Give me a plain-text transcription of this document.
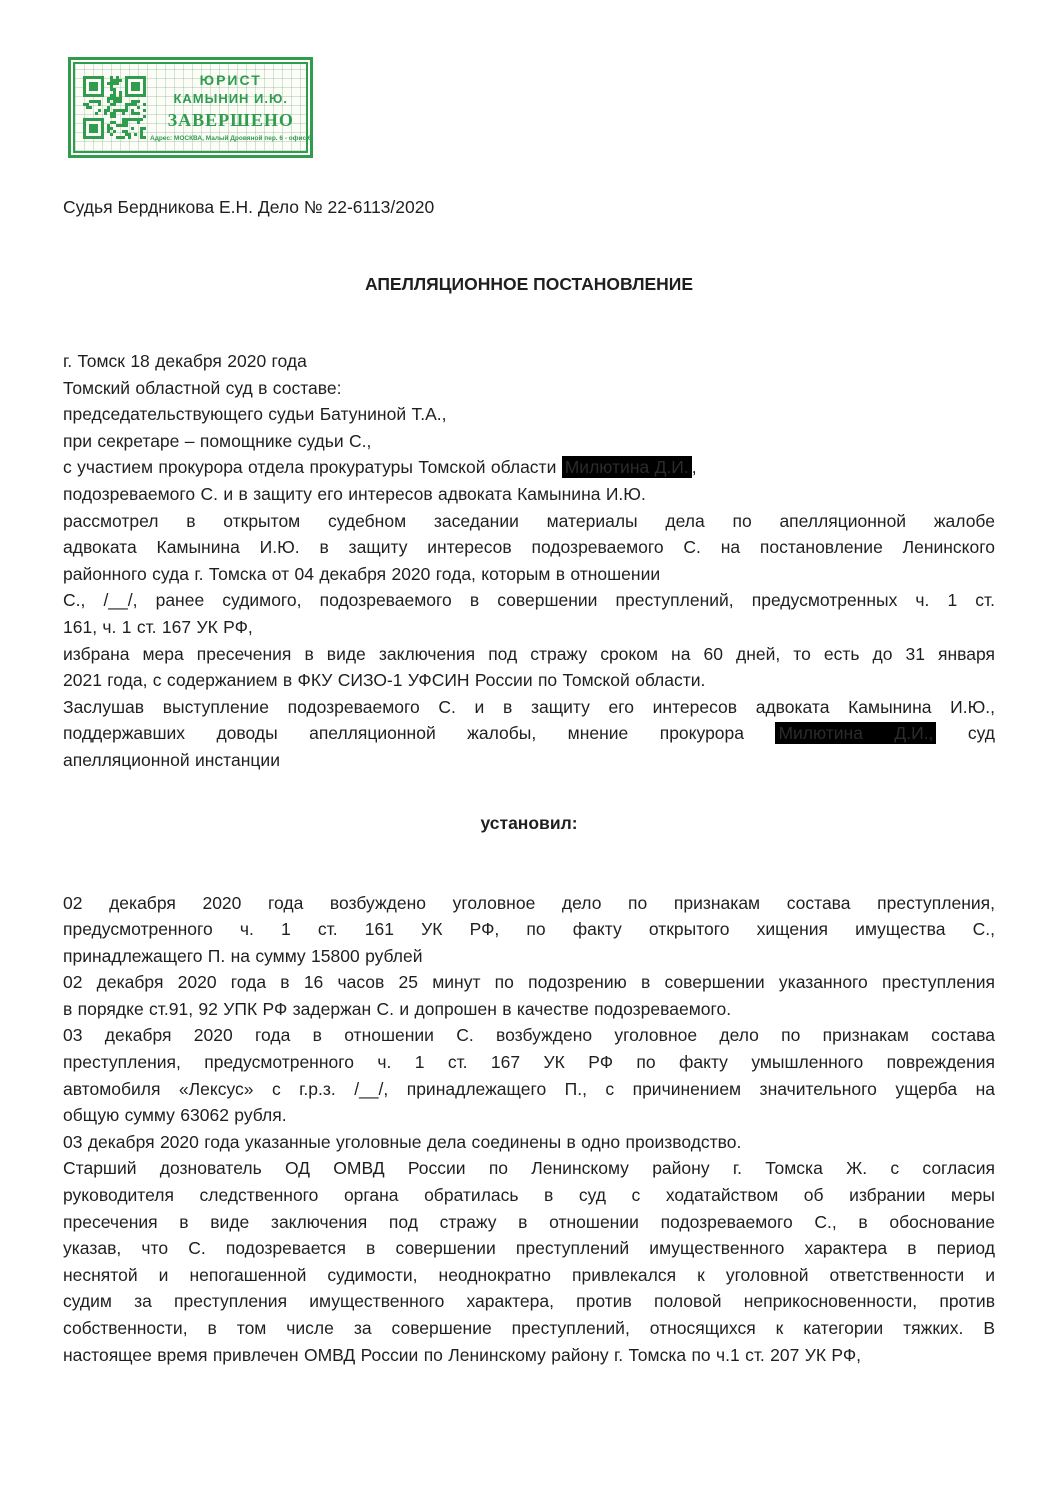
ЮРИСТ
КАМЫНИН И.Ю.
ЗАВЕРШЕНО
Адрес: МОСКВА, Малый Дровяной пер. 6 - офис 6
Судья Бердникова Е.Н. Дело № 22-6113/2020
АПЕЛЛЯЦИОННОЕ ПОСТАНОВЛЕНИЕ
г. Томск 18 декабря 2020 года
Томский областной суд в составе:
председательствующего судьи Батуниной Т.А.,
при секретаре – помощнике судьи С.,
с участием прокурора отдела прокуратуры Томской области Милютина Д.И. ,
подозреваемого С. и в защиту его интересов адвоката Камынина И.Ю.
рассмотрел в открытом судебном заседании материалы дела по апелляционной жалобе
адвоката Камынина И.Ю. в защиту интересов подозреваемого С. на постановление Ленинского
районного суда г. Томска от 04 декабря 2020 года, которым в отношении
С., /__/, ранее судимого, подозреваемого в совершении преступлений, предусмотренных ч. 1 ст.
161, ч. 1 ст. 167 УК РФ,
избрана мера пресечения в виде заключения под стражу сроком на 60 дней, то есть до 31 января
2021 года, с содержанием в ФКУ СИЗО-1 УФСИН России по Томской области.
Заслушав выступление подозреваемого С. и в защиту его интересов адвоката Камынина И.Ю.,
поддержавших доводы апелляционной жалобы, мнение прокурора Милютина Д.И., суд
апелляционной инстанции
установил:
02 декабря 2020 года возбуждено уголовное дело по признакам состава преступления,
предусмотренного ч. 1 ст. 161 УК РФ, по факту открытого хищения имущества С.,
принадлежащего П. на сумму 15800 рублей
02 декабря 2020 года в 16 часов 25 минут по подозрению в совершении указанного преступления
в порядке ст.91, 92 УПК РФ задержан С. и допрошен в качестве подозреваемого.
03 декабря 2020 года в отношении С. возбуждено уголовное дело по признакам состава
преступления, предусмотренного ч. 1 ст. 167 УК РФ по факту умышленного повреждения
автомобиля «Лексус» с г.р.з. /__/, принадлежащего П., с причинением значительного ущерба на
общую сумму 63062 рубля.
03 декабря 2020 года указанные уголовные дела соединены в одно производство.
Старший дознователь ОД ОМВД России по Ленинскому району г. Томска Ж. с согласия
руководителя следственного органа обратилась в суд с ходатайством об избрании меры
пресечения в виде заключения под стражу в отношении подозреваемого С., в обоснование
указав, что С. подозревается в совершении преступлений имущественного характера в период
неснятой и непогашенной судимости, неоднократно привлекался к уголовной ответственности и
судим за преступления имущественного характера, против половой неприкосновенности, против
собственности, в том числе за совершение преступлений, относящихся к категории тяжких. В
настоящее время привлечен ОМВД России по Ленинскому району г. Томска по ч.1 ст. 207 УК РФ,
